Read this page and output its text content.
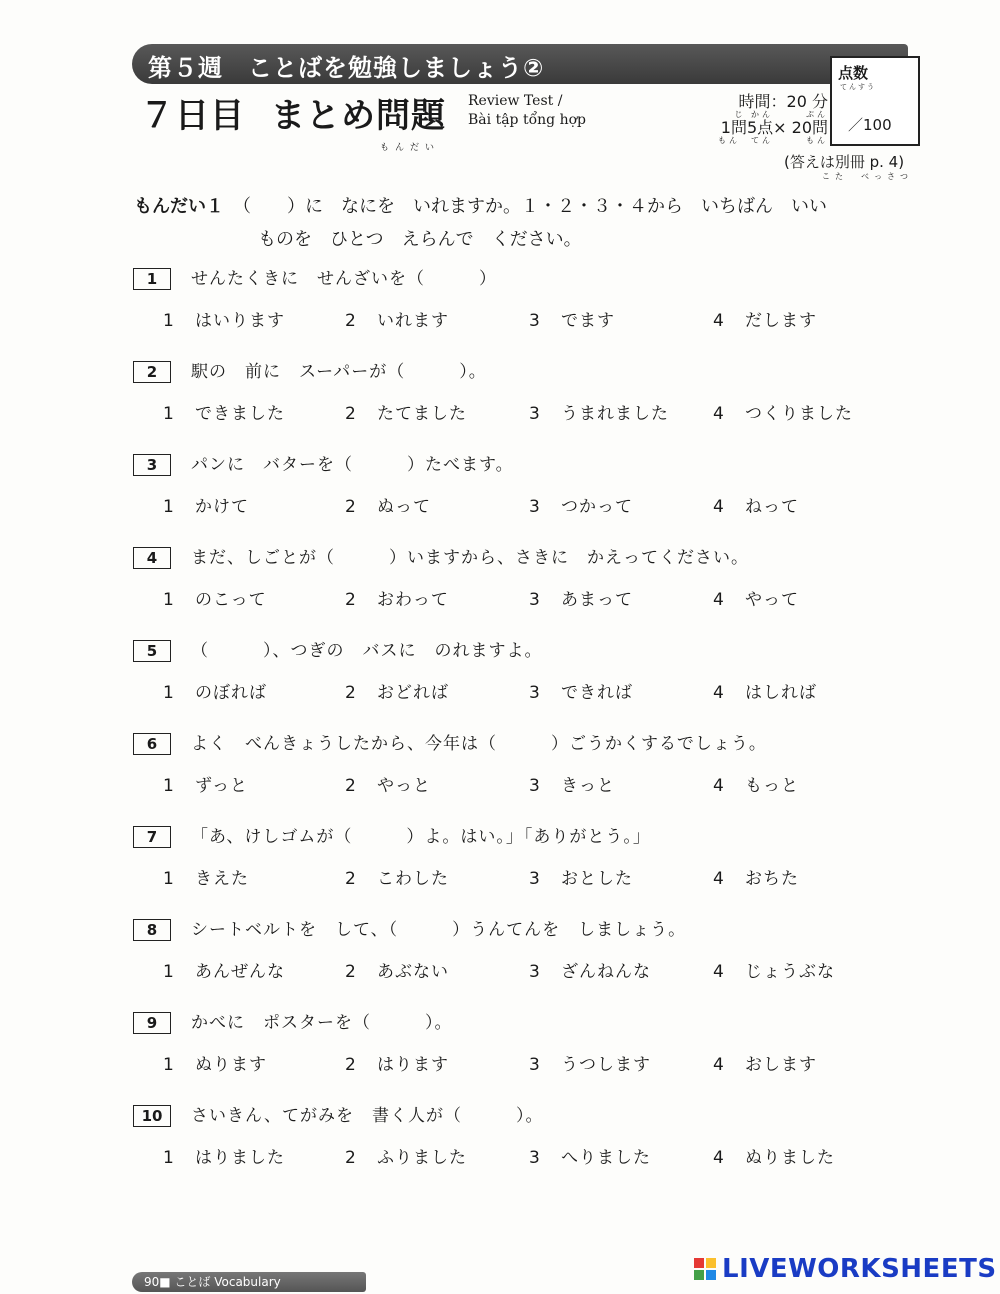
第５週　ことばを勉強しましょう②
７日目 まとめ問題
もんだい
Review Test /
Bài tập tổng hợp
時間：20 分
じ かん　　　ぷん
1問5点× 20問
もん　てん　　　もん
点数
てんすう
／100
(答えは別冊 p. 4)
こた　べっさつ
もんだい１　 （　　）に　なにを　いれますか。１・２・３・４から　いちばん　いい
ものを　ひとつ　えらんで　ください。
1	せんたくきに　せんざいを（　　　）
1 はいります	2 いれます	3 でます	4 だします
2	駅の　前に　スーパーが（　　　）。
1 できました	2 たてました	3 うまれました	4 つくりました
3	パンに　バターを（　　　）たべます。
1 かけて	2 ぬって	3 つかって	4 ねって
4	まだ、しごとが（　　　）いますから、さきに　かえってください。
1 のこって	2 おわって	3 あまって	4 やって
5	（　　　）、つぎの　バスに　のれますよ。
1 のぼれば	2 おどれば	3 できれば	4 はしれば
6	よく　べんきょうしたから、今年は（　　　）ごうかくするでしょう。
1 ずっと	2 やっと	3 きっと	4 もっと
7	「あ、けしゴムが（　　　）よ。はい。」「ありがとう。」
1 きえた	2 こわした	3 おとした	4 おちた
8	シートベルトを　して、（　　　）うんてんを　しましょう。
1 あんぜんな	2 あぶない	3 ざんねんな	4 じょうぶな
9	かべに　ポスターを（　　　）。
1 ぬります	2 はります	3 うつします	4 おします
10	さいきん、てがみを　書く人が（　　　）。
1 はりました	2 ふりました	3 へりました	4 ぬりました
90■ ことば Vocabulary	LIVEWORKSHEETS
